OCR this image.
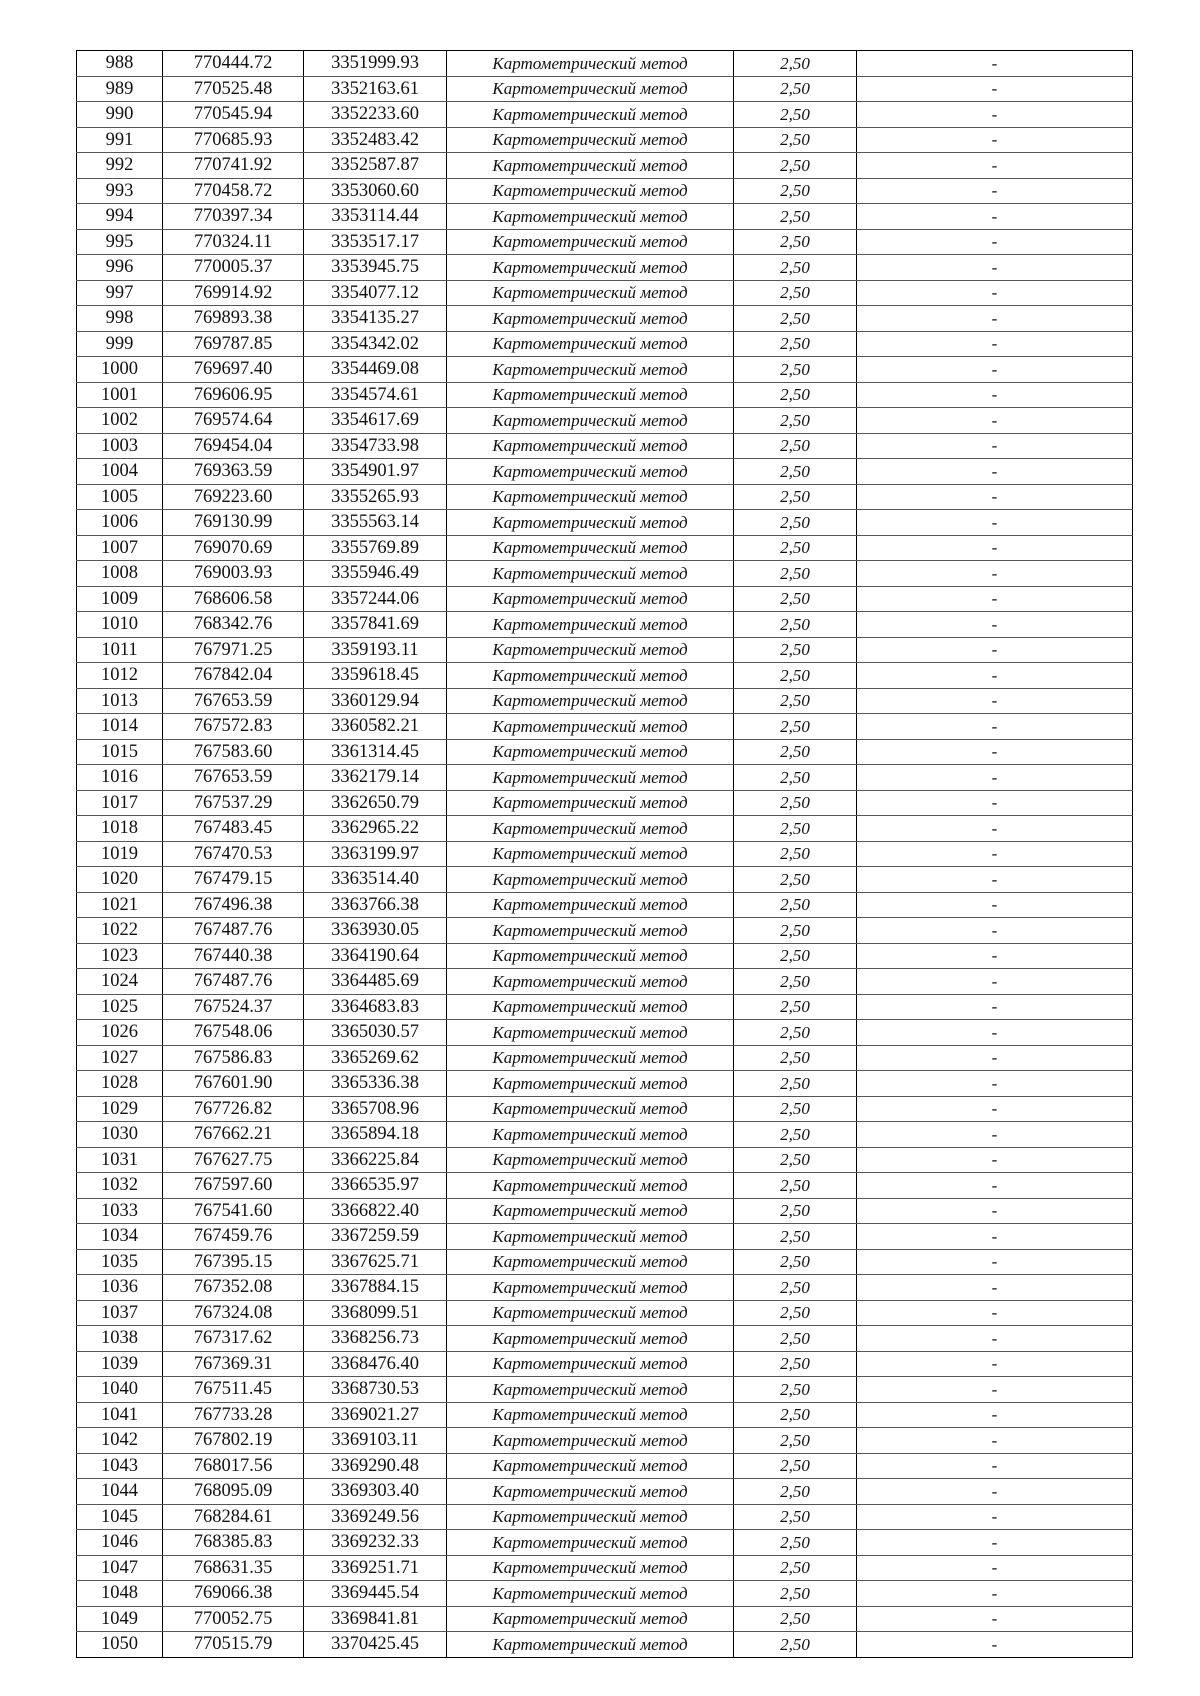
988	770444.72	3351999.93	Картометрический метод	2,50	-
989	770525.48	3352163.61	Картометрический метод	2,50	-
990	770545.94	3352233.60	Картометрический метод	2,50	-
991	770685.93	3352483.42	Картометрический метод	2,50	-
992	770741.92	3352587.87	Картометрический метод	2,50	-
993	770458.72	3353060.60	Картометрический метод	2,50	-
994	770397.34	3353114.44	Картометрический метод	2,50	-
995	770324.11	3353517.17	Картометрический метод	2,50	-
996	770005.37	3353945.75	Картометрический метод	2,50	-
997	769914.92	3354077.12	Картометрический метод	2,50	-
998	769893.38	3354135.27	Картометрический метод	2,50	-
999	769787.85	3354342.02	Картометрический метод	2,50	-
1000	769697.40	3354469.08	Картометрический метод	2,50	-
1001	769606.95	3354574.61	Картометрический метод	2,50	-
1002	769574.64	3354617.69	Картометрический метод	2,50	-
1003	769454.04	3354733.98	Картометрический метод	2,50	-
1004	769363.59	3354901.97	Картометрический метод	2,50	-
1005	769223.60	3355265.93	Картометрический метод	2,50	-
1006	769130.99	3355563.14	Картометрический метод	2,50	-
1007	769070.69	3355769.89	Картометрический метод	2,50	-
1008	769003.93	3355946.49	Картометрический метод	2,50	-
1009	768606.58	3357244.06	Картометрический метод	2,50	-
1010	768342.76	3357841.69	Картометрический метод	2,50	-
1011	767971.25	3359193.11	Картометрический метод	2,50	-
1012	767842.04	3359618.45	Картометрический метод	2,50	-
1013	767653.59	3360129.94	Картометрический метод	2,50	-
1014	767572.83	3360582.21	Картометрический метод	2,50	-
1015	767583.60	3361314.45	Картометрический метод	2,50	-
1016	767653.59	3362179.14	Картометрический метод	2,50	-
1017	767537.29	3362650.79	Картометрический метод	2,50	-
1018	767483.45	3362965.22	Картометрический метод	2,50	-
1019	767470.53	3363199.97	Картометрический метод	2,50	-
1020	767479.15	3363514.40	Картометрический метод	2,50	-
1021	767496.38	3363766.38	Картометрический метод	2,50	-
1022	767487.76	3363930.05	Картометрический метод	2,50	-
1023	767440.38	3364190.64	Картометрический метод	2,50	-
1024	767487.76	3364485.69	Картометрический метод	2,50	-
1025	767524.37	3364683.83	Картометрический метод	2,50	-
1026	767548.06	3365030.57	Картометрический метод	2,50	-
1027	767586.83	3365269.62	Картометрический метод	2,50	-
1028	767601.90	3365336.38	Картометрический метод	2,50	-
1029	767726.82	3365708.96	Картометрический метод	2,50	-
1030	767662.21	3365894.18	Картометрический метод	2,50	-
1031	767627.75	3366225.84	Картометрический метод	2,50	-
1032	767597.60	3366535.97	Картометрический метод	2,50	-
1033	767541.60	3366822.40	Картометрический метод	2,50	-
1034	767459.76	3367259.59	Картометрический метод	2,50	-
1035	767395.15	3367625.71	Картометрический метод	2,50	-
1036	767352.08	3367884.15	Картометрический метод	2,50	-
1037	767324.08	3368099.51	Картометрический метод	2,50	-
1038	767317.62	3368256.73	Картометрический метод	2,50	-
1039	767369.31	3368476.40	Картометрический метод	2,50	-
1040	767511.45	3368730.53	Картометрический метод	2,50	-
1041	767733.28	3369021.27	Картометрический метод	2,50	-
1042	767802.19	3369103.11	Картометрический метод	2,50	-
1043	768017.56	3369290.48	Картометрический метод	2,50	-
1044	768095.09	3369303.40	Картометрический метод	2,50	-
1045	768284.61	3369249.56	Картометрический метод	2,50	-
1046	768385.83	3369232.33	Картометрический метод	2,50	-
1047	768631.35	3369251.71	Картометрический метод	2,50	-
1048	769066.38	3369445.54	Картометрический метод	2,50	-
1049	770052.75	3369841.81	Картометрический метод	2,50	-
1050	770515.79	3370425.45	Картометрический метод	2,50	-
